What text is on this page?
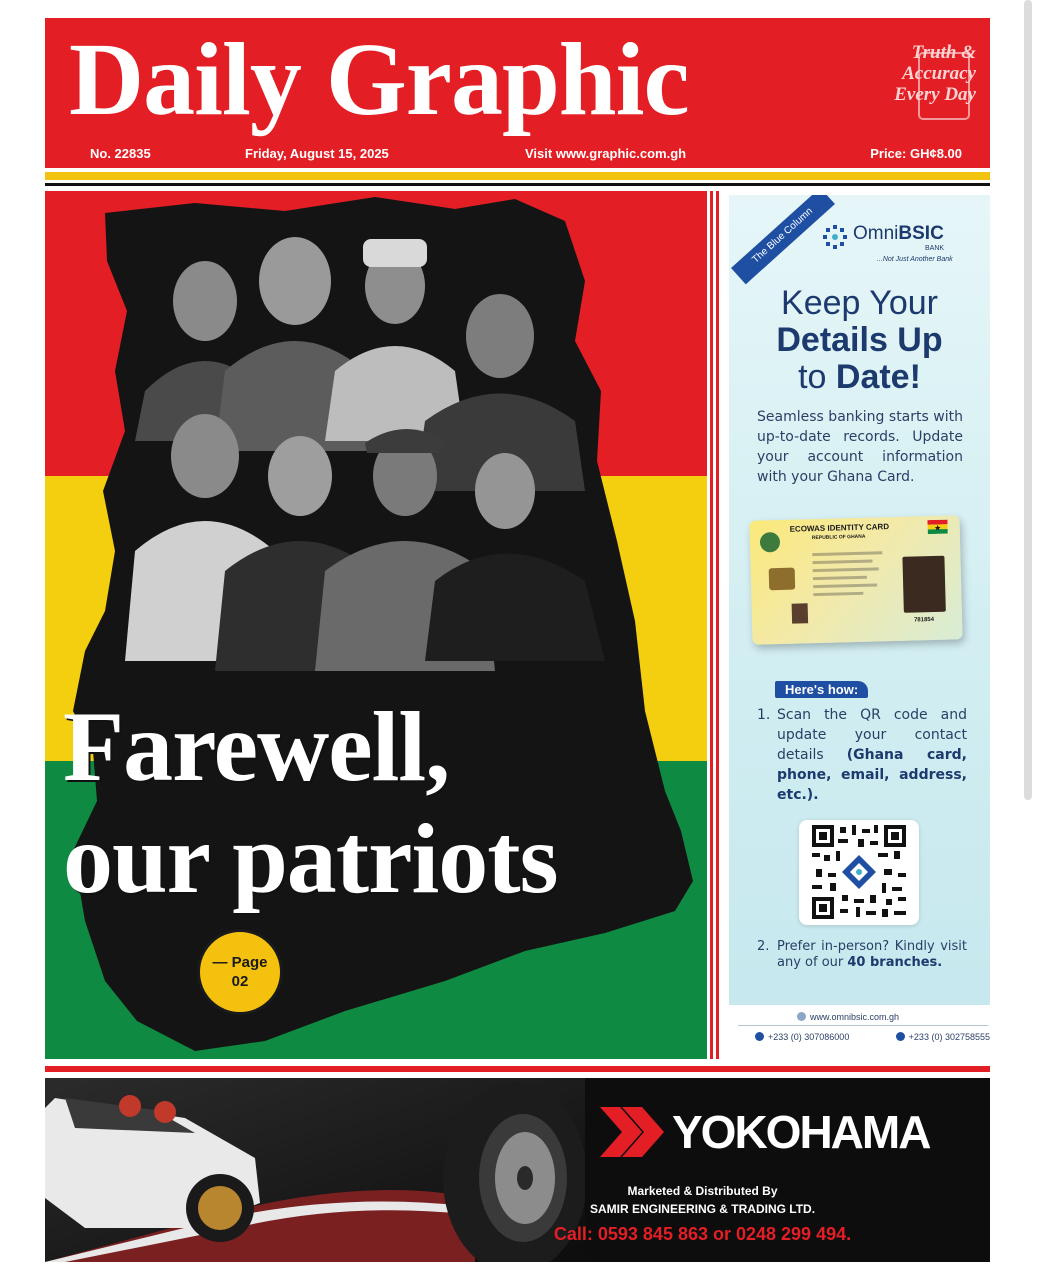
Daily Graphic	Truth &
Accuracy
Every Day
No. 22835	Friday, August 15, 2025	Visit www.graphic.com.gh	Price: GH¢8.00
Farewell,
our patriots
— Page
02
The Blue Column	OmniBSIC
BANK
...Not Just Another Bank
Keep Your
Details Up
to Date!
Seamless banking starts with up-to-date records. Update your account information with your Ghana Card.
ECOWAS IDENTITY CARD
REPUBLIC OF GHANA
781854
Here's how:
1. Scan the QR code and update your contact details (Ghana card, phone, email, address, etc.).
2. Prefer in-person? Kindly visit any of our 40 branches.
www.omnibsic.com.gh
+233 (0) 307086000	+233 (0) 302758555
YOKOHAMA
Marketed & Distributed By
SAMIR ENGINEERING & TRADING LTD.
Call: 0593 845 863 or 0248 299 494.
